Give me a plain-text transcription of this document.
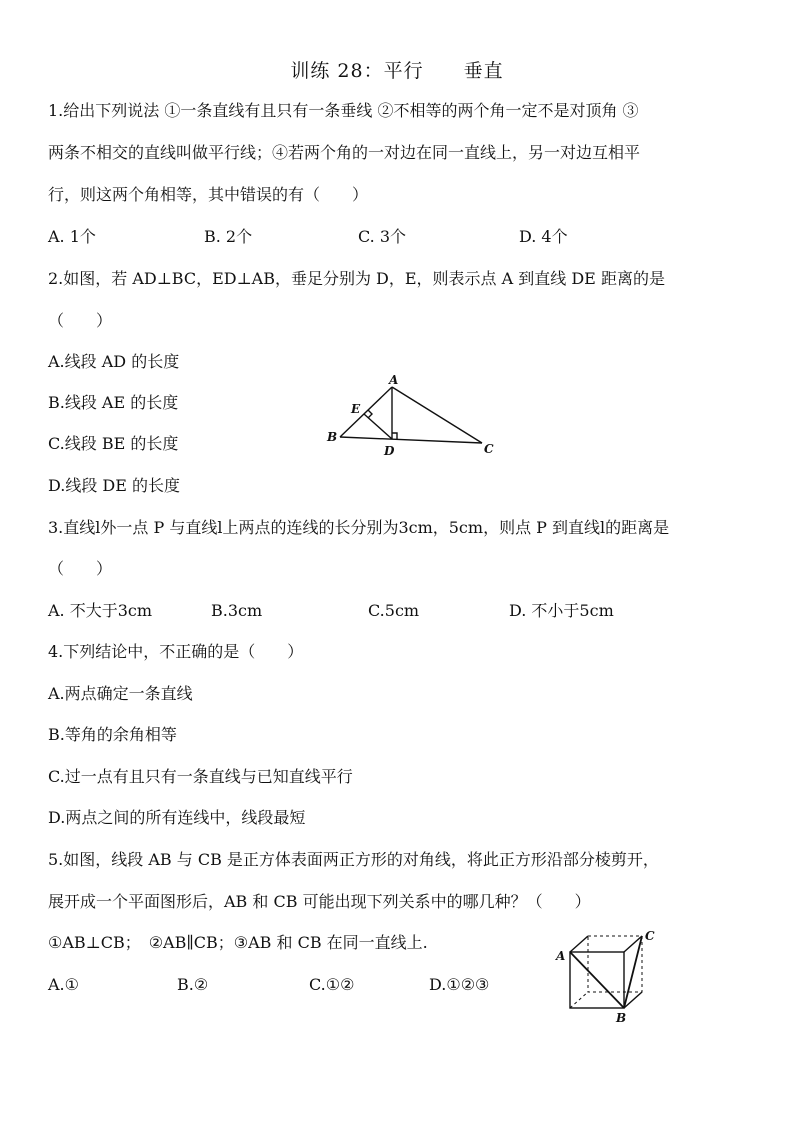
训练 28：平行　　垂直
1.给出下列说法 ①一条直线有且只有一条垂线 ②不相等的两个角一定不是对顶角 ③
两条不相交的直线叫做平行线；④若两个角的一对边在同一直线上，另一对边互相平
行，则这两个角相等，其中错误的有（　　）
A. 1个	B. 2个	C. 3个	D. 4个
2.如图，若 AD⊥BC，ED⊥AB，垂足分别为 D，E，则表示点 A 到直线 DE 距离的是
（　　）
A.线段 AD 的长度
B.线段 AE 的长度
C.线段 BE 的长度
D.线段 DE 的长度
A
E
B
D	C
3.直线l外一点 P 与直线l上两点的连线的长分别为3cm，5cm，则点 P 到直线l的距离是
（　　）
A. 不大于3cm	B.3cm	C.5cm	D. 不小于5cm
4.下列结论中，不正确的是（　　）
A.两点确定一条直线
B.等角的余角相等
C.过一点有且只有一条直线与已知直线平行
D.两点之间的所有连线中，线段最短
5.如图，线段 AB 与 CB 是正方体表面两正方形的对角线，将此正方形沿部分棱剪开，
展开成一个平面图形后，AB 和 CB 可能出现下列关系中的哪几种？（　　）
①AB⊥CB；　②AB∥CB；③AB 和 CB 在同一直线上.
A.①	B.②	C.①②	D.①②③
A
C
B
